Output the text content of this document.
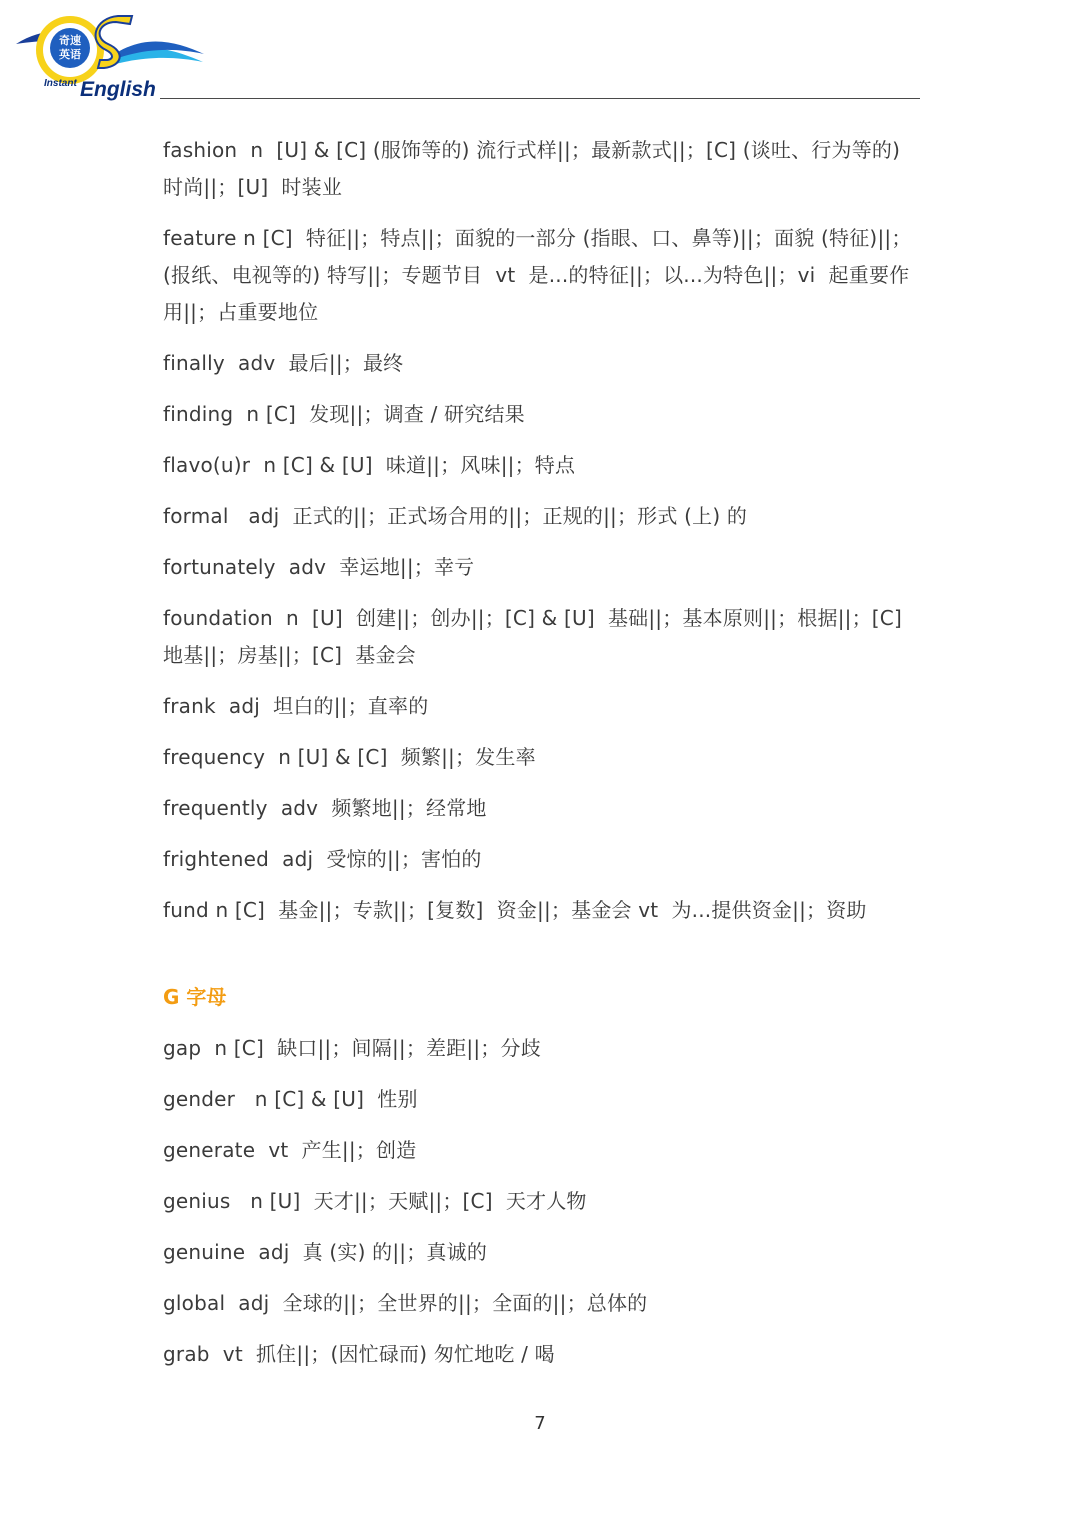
奇速
英语
Instant English
fashion  n  [U] & [C] (服饰等的) 流行式样||；最新款式||；[C] (谈吐、行为等的) 时尚||；[U]  时装业
feature n [C]  特征||；特点||；面貌的一部分 (指眼、口、鼻等)||；面貌 (特征)||；(报纸、电视等的) 特写||；专题节目  vt  是...的特征||；以...为特色||；vi  起重要作用||；占重要地位
finally  adv  最后||；最终
finding  n [C]  发现||；调查 / 研究结果
flavo(u)r  n [C] & [U]  味道||；风味||；特点
formal   adj  正式的||；正式场合用的||；正规的||；形式 (上) 的
fortunately  adv  幸运地||；幸亏
foundation  n  [U]  创建||；创办||；[C] & [U]  基础||；基本原则||；根据||；[C]  地基||；房基||；[C]  基金会
frank  adj  坦白的||；直率的
frequency  n [U] & [C]  频繁||；发生率
frequently  adv  频繁地||；经常地
frightened  adj  受惊的||；害怕的
fund n [C]  基金||；专款||；[复数]  资金||；基金会 vt  为...提供资金||；资助
G 字母
gap  n [C]  缺口||；间隔||；差距||；分歧
gender   n [C] & [U]  性别
generate  vt  产生||；创造
genius   n [U]  天才||；天赋||；[C]  天才人物
genuine  adj  真 (实) 的||；真诚的
global  adj  全球的||；全世界的||；全面的||；总体的
grab  vt  抓住||；(因忙碌而) 匆忙地吃 / 喝
7
